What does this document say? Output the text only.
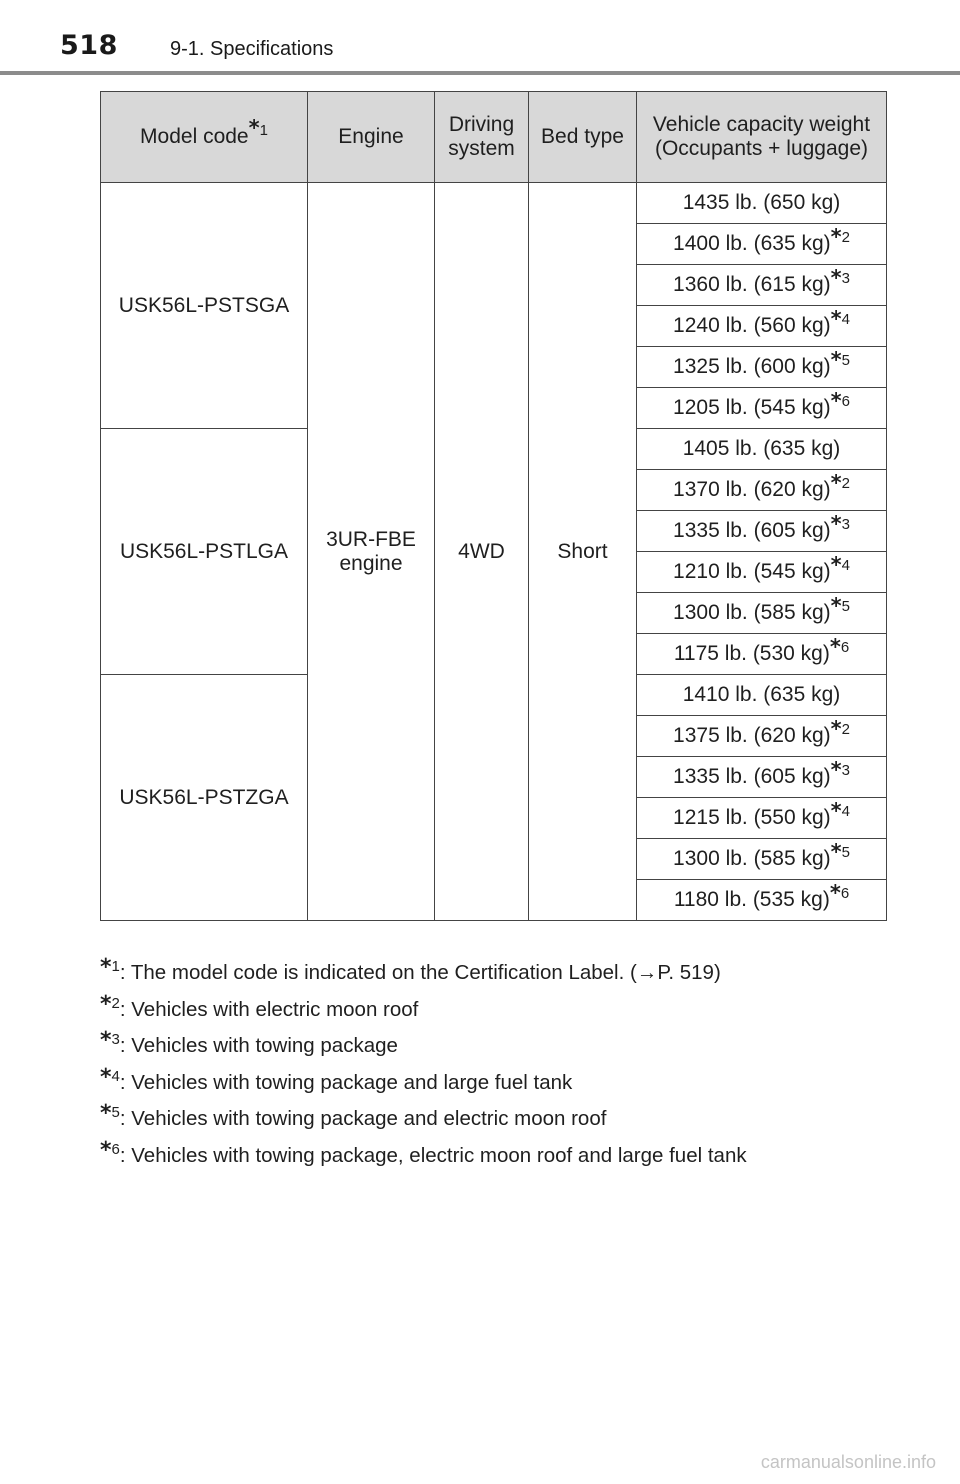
518	9-1. Specifications
Model code*$^1$	Engine	Driving system	Bed type	Vehicle capacity weight (Occupants + luggage)
USK56L-PSTSGA	3UR-FBE engine	4WD	Short	1435 lb. (650 kg)
				1400 lb. (635 kg)*$^2$
				1360 lb. (615 kg)*$^3$
				1240 lb. (560 kg)*$^4$
				1325 lb. (600 kg)*$^5$
				1205 lb. (545 kg)*$^6$
USK56L-PSTLGA				1405 lb. (635 kg)
				1370 lb. (620 kg)*$^2$
				1335 lb. (605 kg)*$^3$
				1210 lb. (545 kg)*$^4$
				1300 lb. (585 kg)*$^5$
				1175 lb. (530 kg)*$^6$
USK56L-PSTZGA				1410 lb. (635 kg)
				1375 lb. (620 kg)*$^2$
				1335 lb. (605 kg)*$^3$
				1215 lb. (550 kg)*$^4$
				1300 lb. (585 kg)*$^5$
				1180 lb. (535 kg)*$^6$
*$^1$: The model code is indicated on the Certification Label. (→P. 519)
*$^2$: Vehicles with electric moon roof
*$^3$: Vehicles with towing package
*$^4$: Vehicles with towing package and large fuel tank
*$^5$: Vehicles with towing package and electric moon roof
*$^6$: Vehicles with towing package, electric moon roof and large fuel tank
carmanualsonline.info
